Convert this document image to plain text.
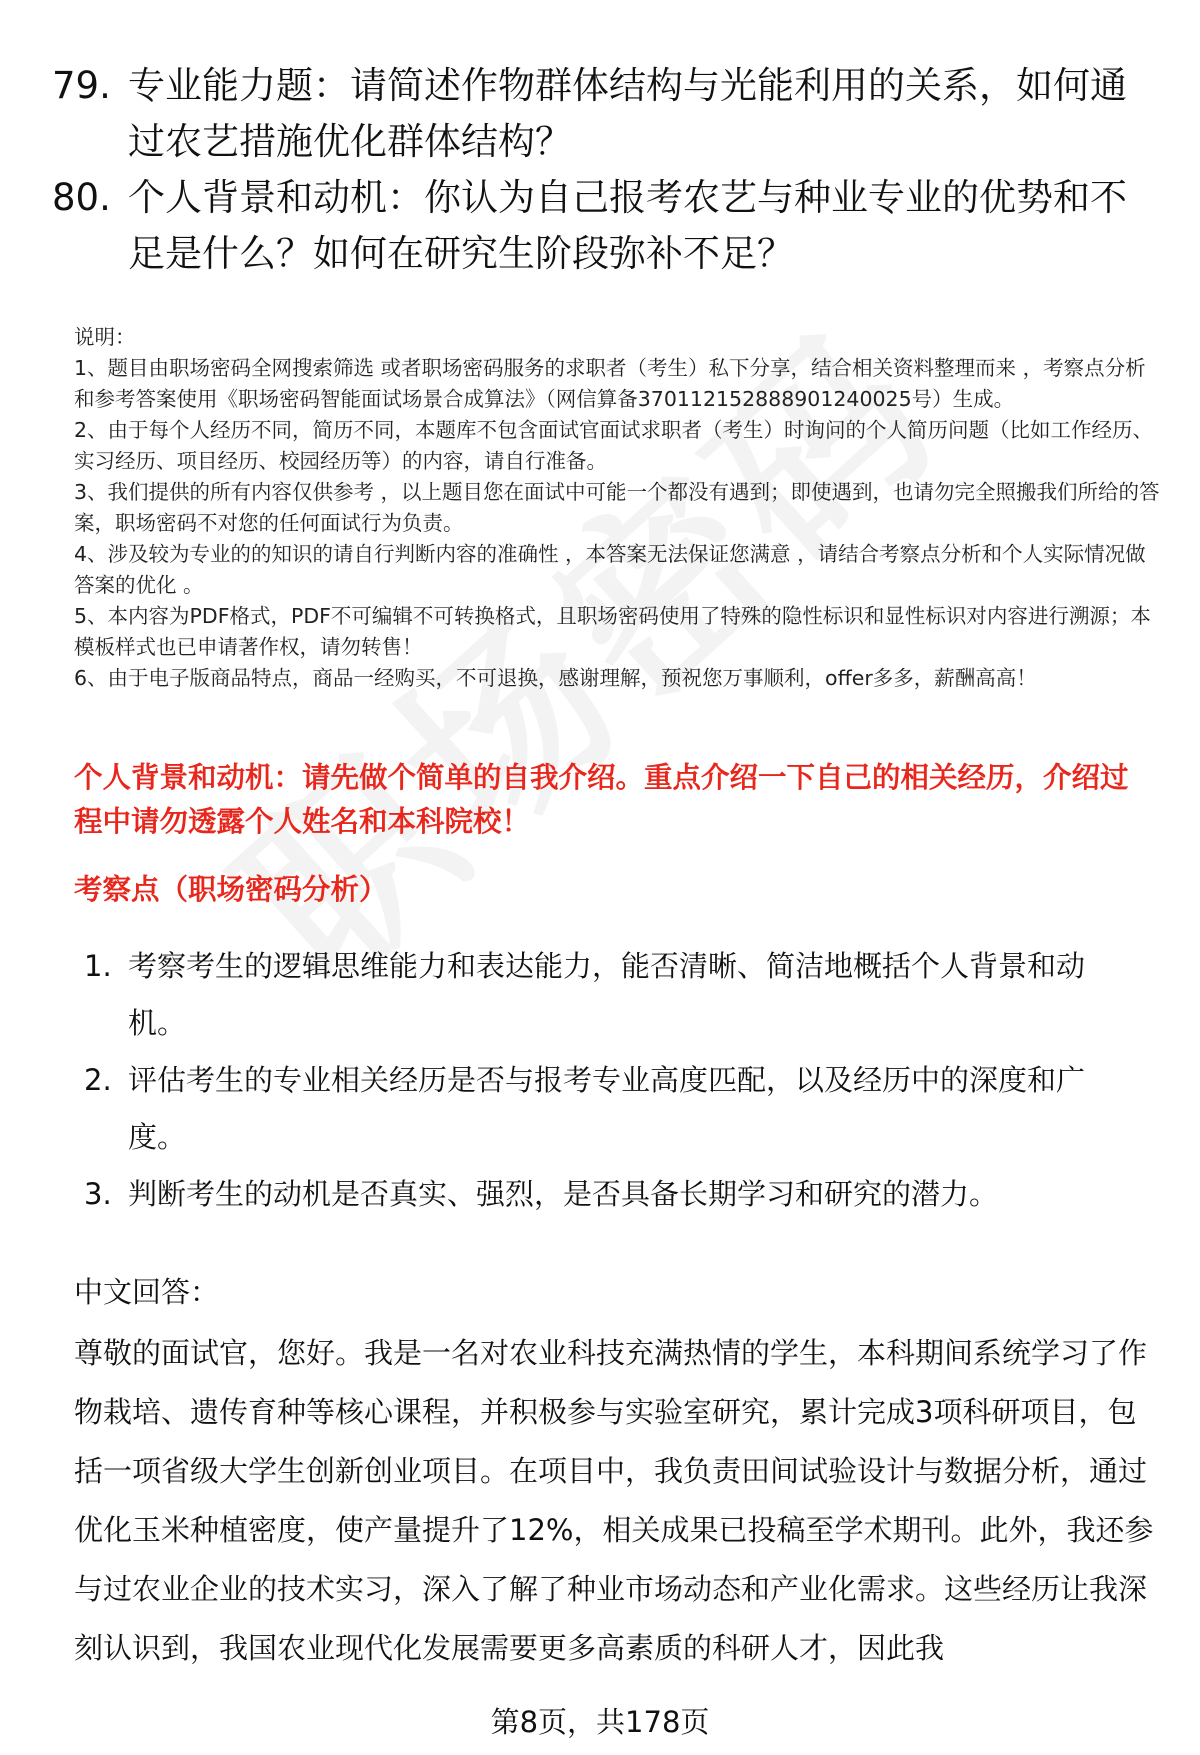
79. 专业能力题：请简述作物群体结构与光能利用的关系，如何通过农艺措施优化群体结构？
80. 个人背景和动机：你认为自己报考农艺与种业专业的优势和不足是什么？如何在研究生阶段弥补不足？

说明：

1、题目由职场密码全网搜索筛选 或者职场密码服务的求职者（考生）私下分享，结合相关资料整理而来 ，考察点分析和参考答案使用《职场密码智能面试场景合成算法》（网信算备370112152888901240025号）生成。

2、由于每个人经历不同，简历不同，本题库不包含面试官面试求职者（考生）时询问的个人简历问题（比如工作经历、实习经历、项目经历、校园经历等）的内容，请自行准备。

3、我们提供的所有内容仅供参考 ，以上题目您在面试中可能一个都没有遇到；即使遇到，也请勿完全照搬我们所给的答案，职场密码不对您的任何面试行为负责。

4、涉及较为专业的的知识的请自行判断内容的准确性 ，本答案无法保证您满意 ，请结合考察点分析和个人实际情况做答案的优化 。

5、本内容为PDF格式，PDF不可编辑不可转换格式，且职场密码使用了特殊的隐性标识和显性标识对内容进行溯源；本模板样式也已申请著作权，请勿转售！

6、由于电子版商品特点，商品一经购买，不可退换，感谢理解，预祝您万事顺利，offer多多，薪酬高高！

个人背景和动机：请先做个简单的自我介绍。重点介绍一下自己的相关经历，介绍过程中请勿透露个人姓名和本科院校！
考察点（职场密码分析）
1. 考察考生的逻辑思维能力和表达能力，能否清晰、简洁地概括个人背景和动机。
2. 评估考生的专业相关经历是否与报考专业高度匹配，以及经历中的深度和广度。
3. 判断考生的动机是否真实、强烈，是否具备长期学习和研究的潜力。
中文回答：
尊敬的面试官，您好。我是一名对农业科技充满热情的学生，本科期间系统学习了作物栽培、遗传育种等核心课程，并积极参与实验室研究，累计完成3项科研项目，包括一项省级大学生创新创业项目。在项目中，我负责田间试验设计与数据分析，通过优化玉米种植密度，使产量提升了12%，相关成果已投稿至学术期刊。此外，我还参与过农业企业的技术实习，深入了解了种业市场动态和产业化需求。这些经历让我深刻认识到，我国农业现代化发展需要更多高素质的科研人才，因此我
第8页，共178页
